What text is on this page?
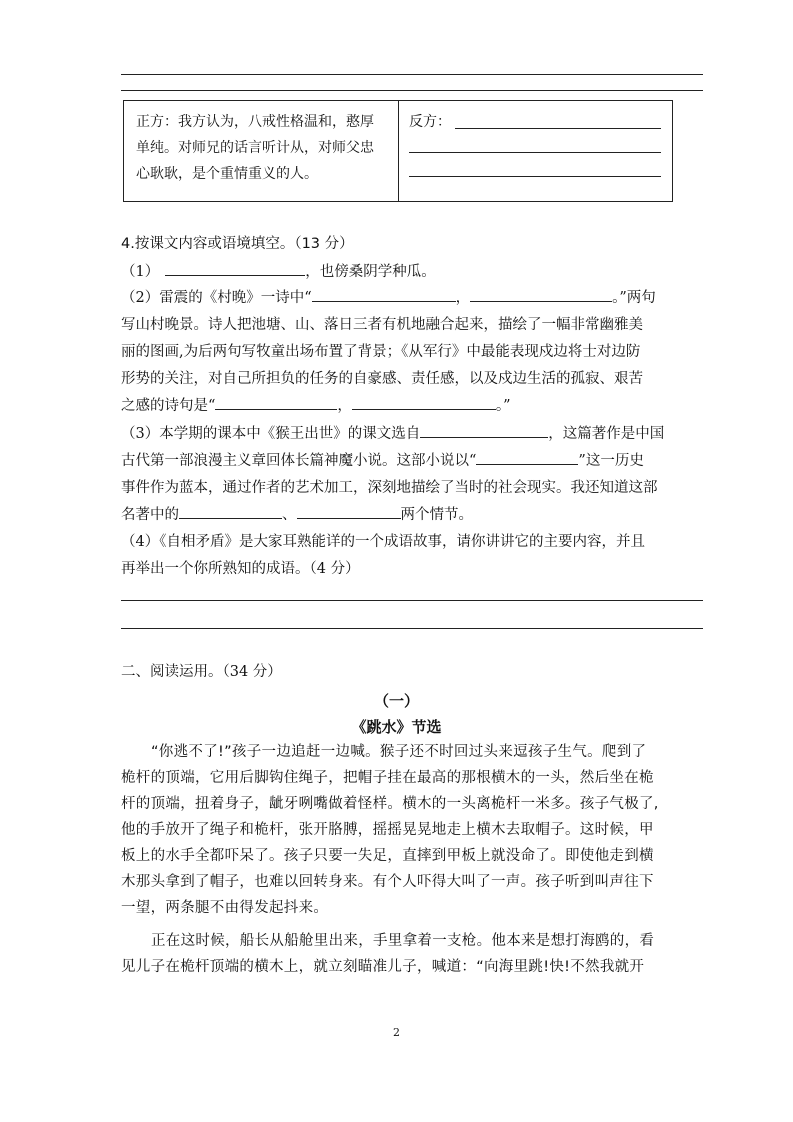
正方：我方认为，八戒性格温和，憨厚单纯。对师兄的话言听计从，对师父忠心耿耿，是个重情重义的人。
反方：
4.按课文内容或语境填空。（13 分）
（1）	，也傍桑阴学种瓜。
（2）雷震的《村晚》一诗中“	，	。”两句
写山村晚景。诗人把池塘、山、落日三者有机地融合起来，描绘了一幅非常幽雅美
丽的图画,为后两句写牧童出场布置了背景；《从军行》中最能表现戍边将士对边防
形势的关注，对自己所担负的任务的自豪感、责任感，以及戍边生活的孤寂、艰苦
之感的诗句是“	，	。”
（3）本学期的课本中《猴王出世》的课文选自	，这篇著作是中国
古代第一部浪漫主义章回体长篇神魔小说。这部小说以“	”这一历史
事件作为蓝本，通过作者的艺术加工，深刻地描绘了当时的社会现实。我还知道这部
名著中的	、	两个情节。
（4）《自相矛盾》是大家耳熟能详的一个成语故事，请你讲讲它的主要内容，并且
再举出一个你所熟知的成语。（4 分）
二、阅读运用。（34 分）
（一）
《跳水》节选
“你逃不了!”孩子一边追赶一边喊。猴子还不时回过头来逗孩子生气。爬到了
桅杆的顶端，它用后脚钩住绳子，把帽子挂在最高的那根横木的一头，然后坐在桅
杆的顶端，扭着身子，龇牙咧嘴做着怪样。横木的一头离桅杆一米多。孩子气极了,
他的手放开了绳子和桅杆，张开胳膊，摇摇晃晃地走上横木去取帽子。这时候，甲
板上的水手全都吓呆了。孩子只要一失足，直摔到甲板上就没命了。即使他走到横
木那头拿到了帽子，也难以回转身来。有个人吓得大叫了一声。孩子听到叫声往下
一望，两条腿不由得发起抖来。
正在这时候，船长从船舱里出来，手里拿着一支枪。他本来是想打海鸥的，看
见儿子在桅杆顶端的横木上，就立刻瞄准儿子，喊道：“向海里跳!快!不然我就开
2
